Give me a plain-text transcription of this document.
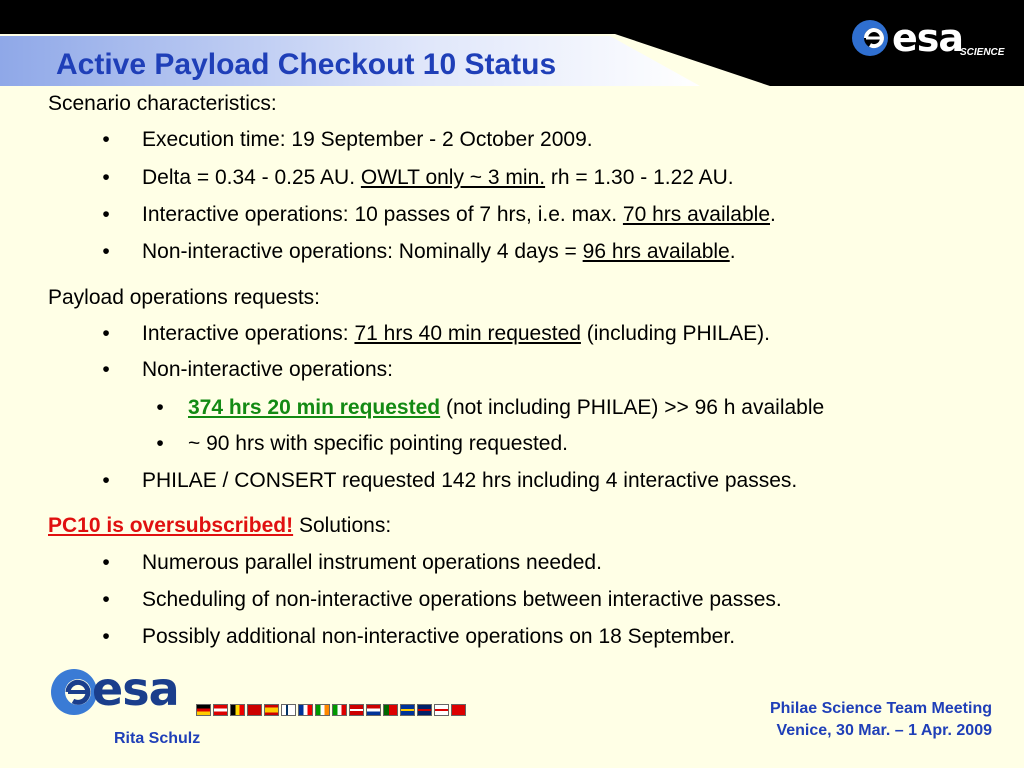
esa
SCIENCE
Active Payload Checkout 10 Status
Scenario characteristics:
•	Execution time: 19 September - 2 October 2009.
•	Delta = 0.34 - 0.25 AU. OWLT only ~ 3 min. rh = 1.30 - 1.22 AU.
•	Interactive operations: 10 passes of 7 hrs, i.e. max. 70 hrs available.
•	Non-interactive operations: Nominally 4 days = 96 hrs available.
Payload operations requests:
•	Interactive operations: 71 hrs 40 min requested (including PHILAE).
•	Non-interactive operations:
•	374 hrs 20 min requested (not including PHILAE) >> 96 h available
•	~ 90 hrs with specific pointing requested.
•	PHILAE / CONSERT requested 142 hrs including 4 interactive passes.
PC10 is oversubscribed! Solutions:
•	Numerous parallel instrument operations needed.
•	Scheduling of non-interactive operations between interactive passes.
•	Possibly additional non-interactive operations on 18 September.
esa
Rita Schulz
Philae Science Team Meeting
Venice, 30 Mar. – 1 Apr. 2009
